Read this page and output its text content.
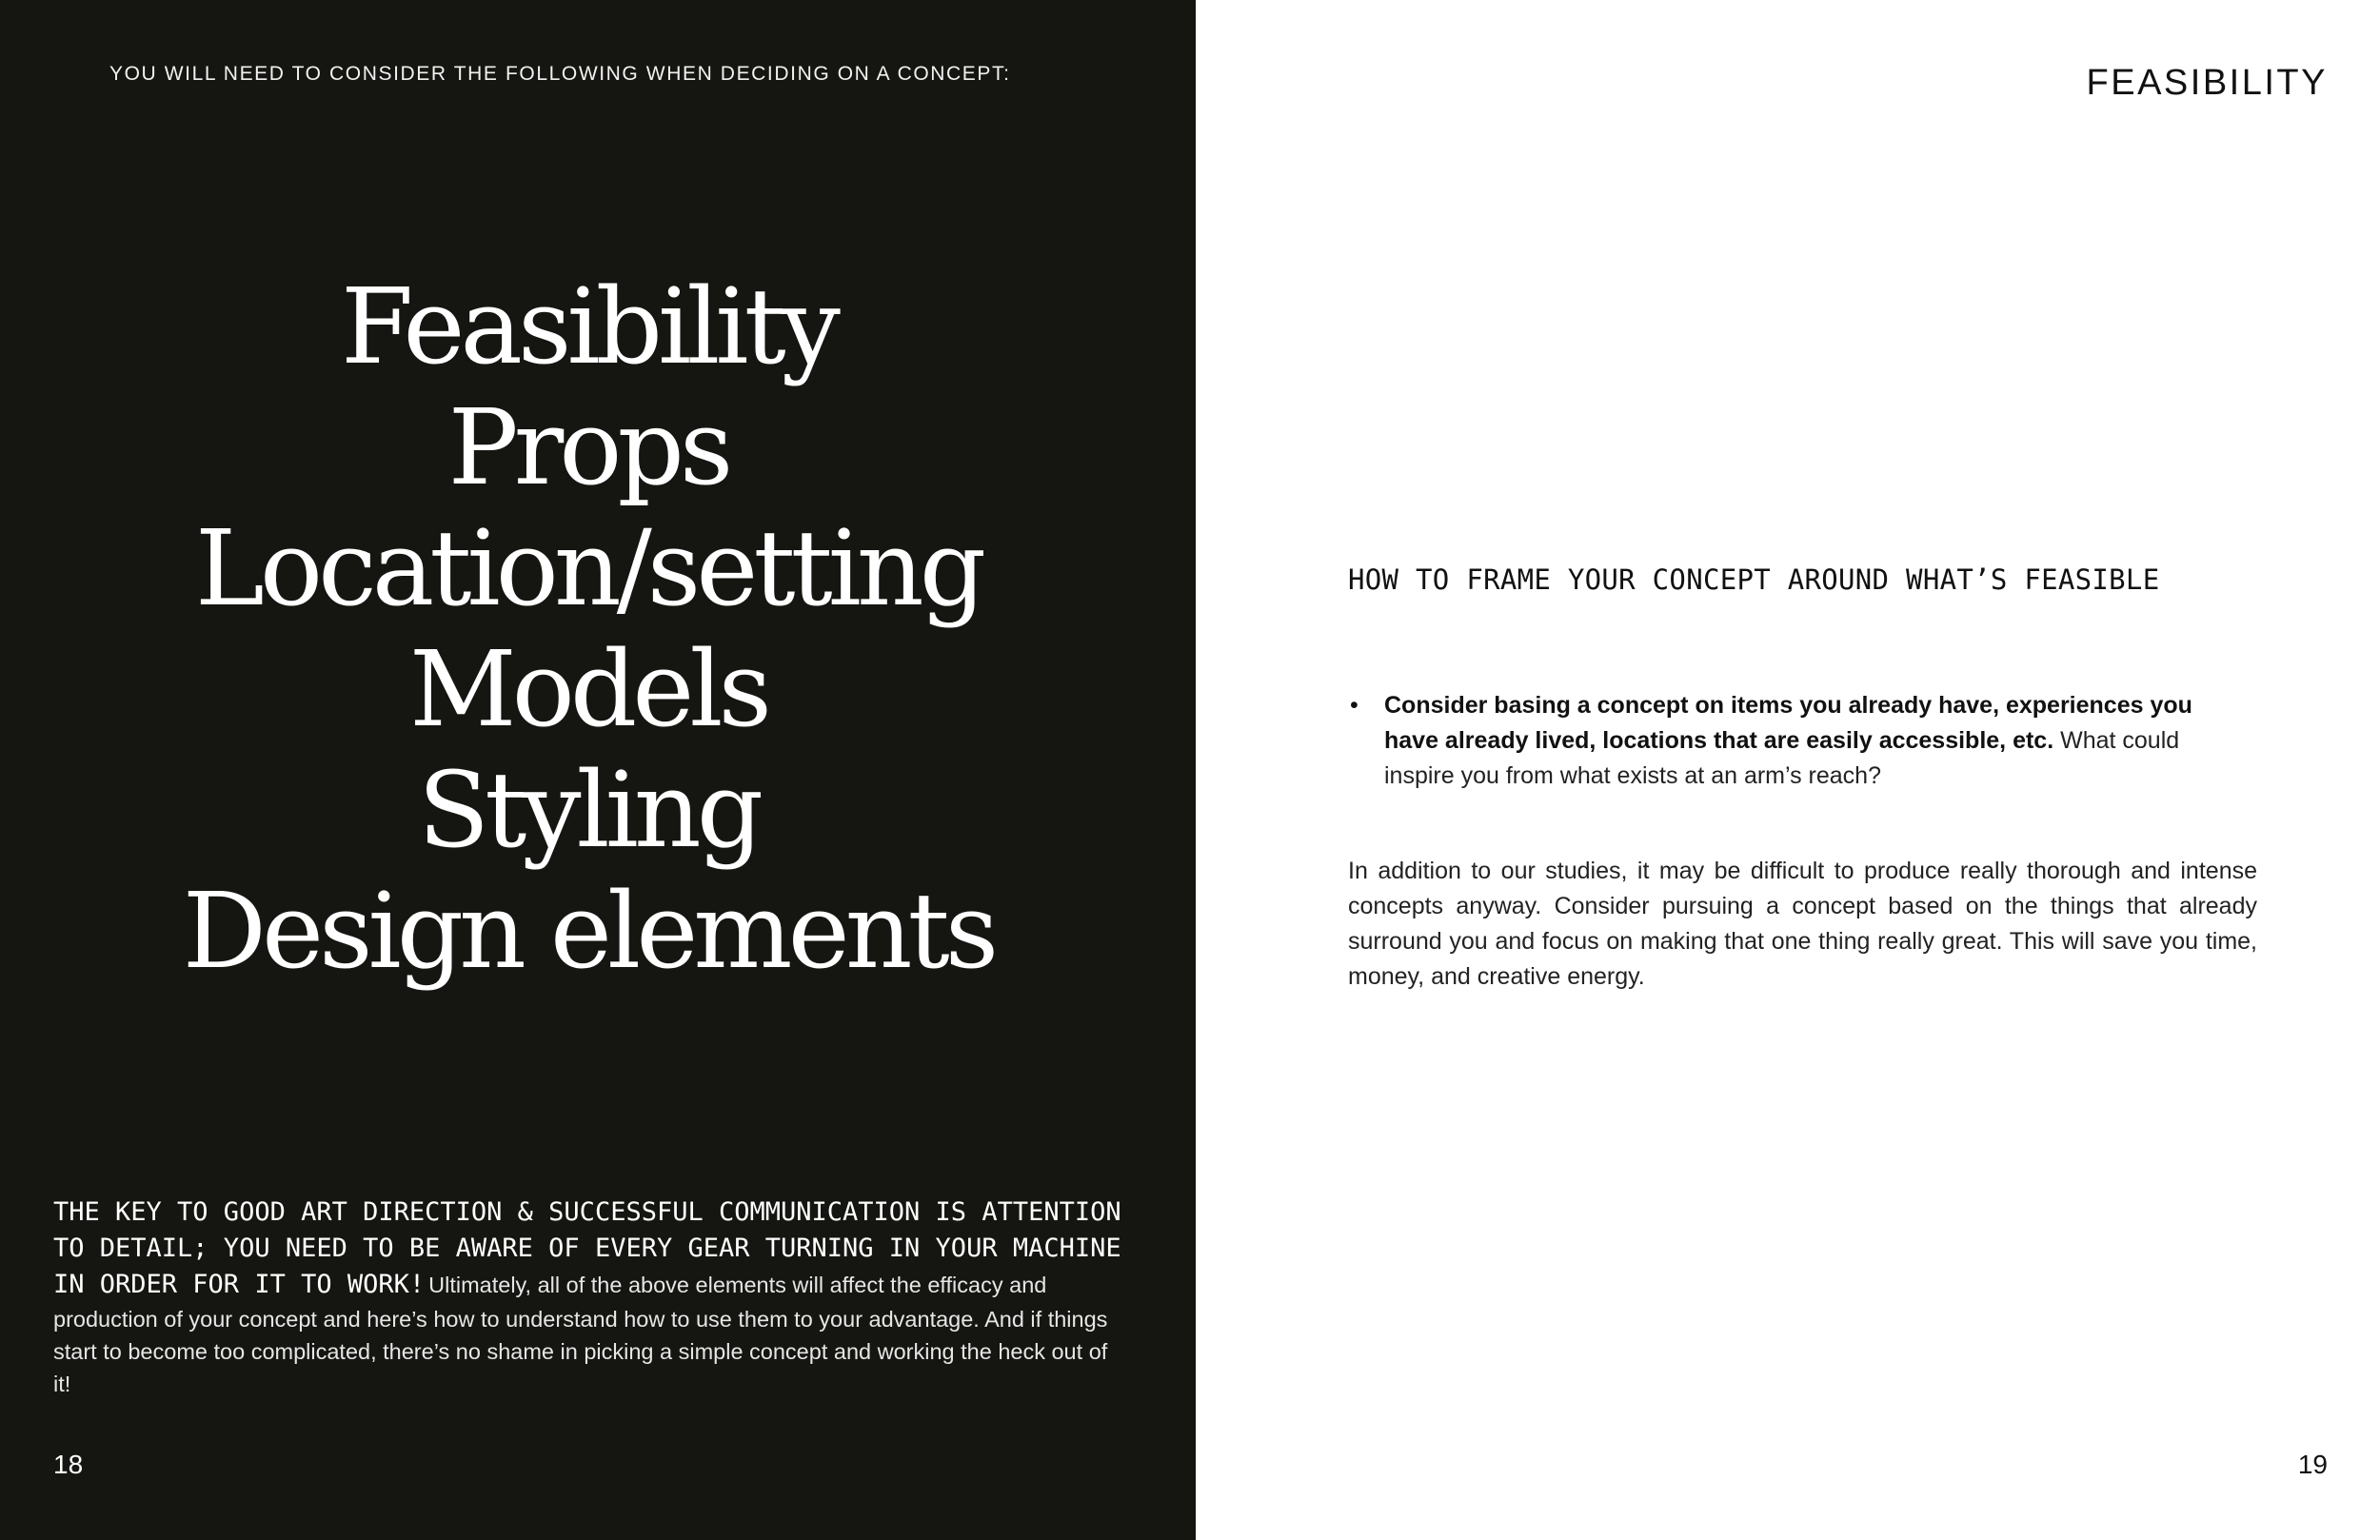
YOU WILL NEED TO CONSIDER THE FOLLOWING WHEN DECIDING ON A CONCEPT:
Feasibility
Props
Location/setting
Models
Styling
Design elements

THE KEY TO GOOD ART DIRECTION & SUCCESSFUL COMMUNICATION IS ATTENTION TO DETAIL; YOU NEED TO BE AWARE OF EVERY GEAR TURNING IN YOUR MACHINE IN ORDER FOR IT TO WORK! Ultimately, all of the above elements will affect the efficacy and production of your concept and here’s how to understand how to use them to your advantage. And if things start to become too complicated, there’s no shame in picking a simple concept and working the heck out of it!

18
FEASIBILITY
HOW TO FRAME YOUR CONCEPT AROUND WHAT’S FEASIBLE
• Consider basing a concept on items you already have, experiences you have already lived, locations that are easily accessible, etc. What could inspire you from what exists at an arm’s reach?

In addition to our studies, it may be difficult to produce really thorough and intense concepts anyway. Consider pursuing a concept based on the things that already surround you and focus on making that one thing really great. This will save you time, money, and creative energy.

19
